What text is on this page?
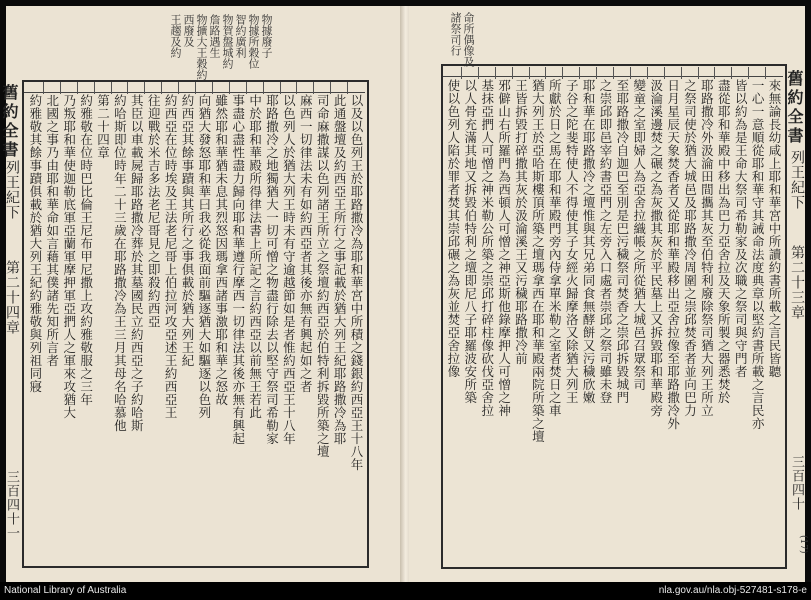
物據廢子
物據所穀位
智約廣利
物賀盤城約
詹路遇生
物擴大王穀約
西廢及
王趨及約
以及以色列王於耶路撒冷為耶和華宮中所積之錢銀約西亞王十八年
此通盤壇及約西亞王所行之事記載於猶大列王紀耶路撒冷為耶
司命麻撒謀以色列諸王所立之祭壇約西亞於伯特利拆毀所築之壇
麻西一切律法未有如約西亞者其後亦無有興起如之者
以色列人於猶大列王時未有守逾越節如是者惟約西亞王十八年
耶路撒冷之地獨猶大一切可憎之物盡行除去以堅守祭司希勒家
中於耶和華殿所得律法書上所記之言約西亞以前無王若此
事盡心盡性盡力歸向耶和華遵行摩西一切律法其後亦無有興起
雖然耶和華猶未息其烈怒因瑪拿西諸事激耶和華之怒故
向猶大發怒耶和華曰我必從我面前驅逐猶大如驅逐以色列
約西亞其餘事蹟與其所行之事俱載於猶大列王紀
約西亞在位時埃及王法老尼哥上伯拉河攻亞述王約西亞王
往迎戰於米吉多法老尼哥見之即殺約西亞
其臣以車載屍歸耶路撒冷葬於其墓國民立約西亞之子約哈斯
約哈斯即位時年二十三歲在耶路撒冷為王三月其母名哈慕他
第二十四章
約雅敬在位時巴比倫王尼布甲尼撒上攻約雅敬服之三年
乃叛耶和華使迦勒底軍亞蘭軍摩押軍亞捫人之軍來攻猶大
北國之事乃由耶和華命如言藉其僕諸先知所言者
約雅敬其餘事蹟俱載於猶大列王紀約雅敬與列祖同寢
舊約全書
列王紀下
第二十四章
三百四十一
命所偶像及
諸祭司行
來無論長幼咸上耶和華宮中所讀約書所載之言民皆聽
一心一意順從耶和華守其誡命法度典章以堅約書所載之言民亦
皆以約為是王命大祭司希勒家及次職之祭司與守門者
盡從耶和華殿中移出為巴力亞舍拉及天象所製之器悉焚於
耶路撒冷外汲淪田間攜其灰至伯特利廢除祭司猶大列王所立
之祭司使於猶大城邑及耶路撒冷周圍之崇邱焚香者並向巴力
日月星辰天象焚香者又從耶和華殿移出亞舍拉像至耶路撒冷外
汲淪溪邊焚之碾之為灰撒其灰於平民墓上又拆毀耶和華殿旁
變童之室即婦人為亞舍拉織帳之所從猶大城邑召眾祭司
至耶路撒冷自迦巴至別是巴污穢祭司焚香之崇邱拆毀城門
之崇邱即邑宰約書亞門之左旁入口處者崇邱之祭司雖未登
耶和華在耶路撒冷之壇惟與其兄弟同食無酵餅又污穢欣嫩
子谷之陀斐特使人不得使其子女經火歸摩洛又除猶大列王
所獻於日之馬在耶和華殿門旁內侍拿單米勒之室者焚日之車
猶大列王於亞哈斯樓頂所築之壇瑪拿西在耶和華殿兩院所築之壇
王皆拆毀打碎撒其灰於汲淪溪王又污穢耶路撒冷前
邪僻山右所羅門為西頓人可憎之神亞斯他錄摩押人可憎之神
基抹亞捫人可憎之神米勒公所築之崇邱打碎柱像砍伐亞舍拉
以人骨充滿其地又拆毀伯特利之壇即尼八子耶羅波安所築
使以色列人陷於罪者焚其崇邱碾之為灰並焚亞舍拉像	舊約全書
列王紀下
第二十三章
三百四十
(17)
National Library of Australia	nla.gov.au/nla.obj-527481-s178-e
